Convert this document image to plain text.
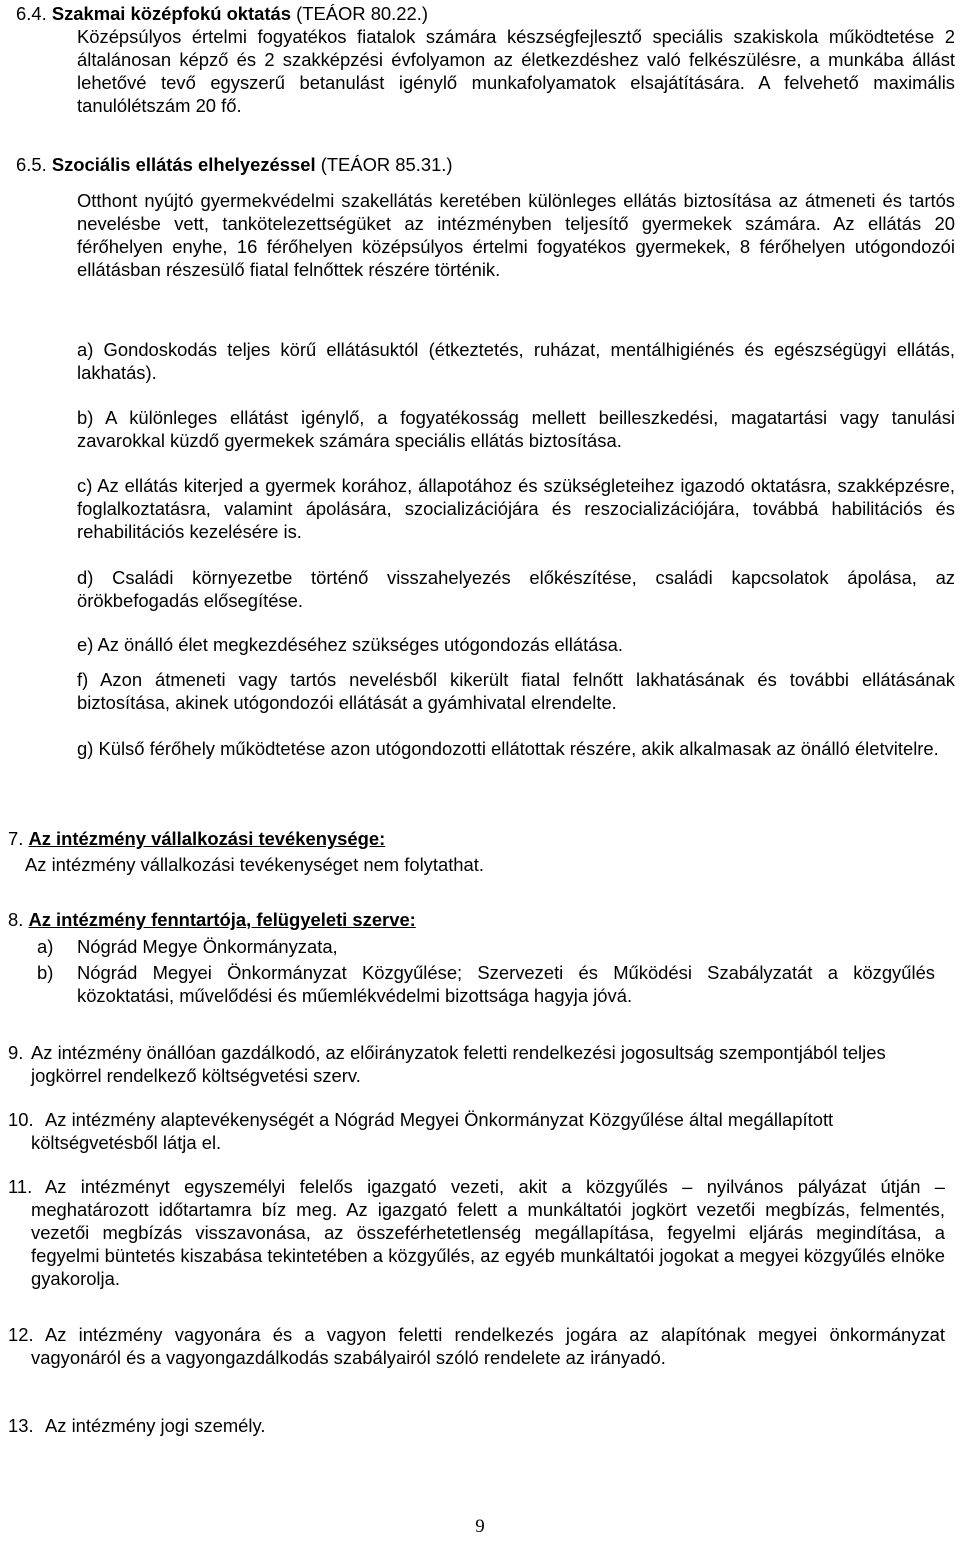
6.4. Szakmai középfokú oktatás (TEÁOR 80.22.)

Középsúlyos értelmi fogyatékos fiatalok számára készségfejlesztő speciális szakiskola működtetése 2 általánosan képző és 2 szakképzési évfolyamon az életkezdéshez való felkészülésre, a munkába állást lehetővé tevő egyszerű betanulást igénylő munkafolyamatok elsajátítására. A felvehető maximális tanulólétszám 20 fő.

6.5. Szociális ellátás elhelyezéssel (TEÁOR 85.31.)

Otthont nyújtó gyermekvédelmi szakellátás keretében különleges ellátás biztosítása az átmeneti és tartós nevelésbe vett, tankötelezettségüket az intézményben teljesítő gyermekek számára. Az ellátás 20 férőhelyen enyhe, 16 férőhelyen középsúlyos értelmi fogyatékos gyermekek, 8 férőhelyen utógondozói ellátásban részesülő fiatal felnőttek részére történik.

a) Gondoskodás teljes körű ellátásuktól (étkeztetés, ruházat, mentálhigiénés és egészségügyi ellátás, lakhatás).

b) A különleges ellátást igénylő, a fogyatékosság mellett beilleszkedési, magatartási vagy tanulási zavarokkal küzdő gyermekek számára speciális ellátás biztosítása.

c) Az ellátás kiterjed a gyermek korához, állapotához és szükségleteihez igazodó oktatásra, szakképzésre, foglalkoztatásra, valamint ápolására, szocializációjára és reszocializációjára, továbbá habilitációs és rehabilitációs kezelésére is.

d) Családi környezetbe történő visszahelyezés előkészítése, családi kapcsolatok ápolása, az örökbefogadás elősegítése.

e) Az önálló élet megkezdéséhez szükséges utógondozás ellátása.

f) Azon átmeneti vagy tartós nevelésből kikerült fiatal felnőtt lakhatásának és további ellátásának biztosítása, akinek utógondozói ellátását a gyámhivatal elrendelte.

g) Külső férőhely működtetése azon utógondozotti ellátottak részére, akik alkalmasak az önálló életvitelre.

7. Az intézmény vállalkozási tevékenysége:

Az intézmény vállalkozási tevékenységet nem folytathat.

8. Az intézmény fenntartója, felügyeleti szerve:
a) Nógrád Megye Önkormányzata,

b) Nógrád Megyei Önkormányzat Közgyűlése; Szervezeti és Működési Szabályzatát a közgyűlés közoktatási, művelődési és műemlékvédelmi bizottsága hagyja jóvá.

9. Az intézmény önállóan gazdálkodó, az előirányzatok feletti rendelkezési jogosultság szempontjából teljes jogkörrel rendelkező költségvetési szerv.

10. Az intézmény alaptevékenységét a Nógrád Megyei Önkormányzat Közgyűlése által megállapított költségvetésből látja el.

11. Az intézményt egyszemélyi felelős igazgató vezeti, akit a közgyűlés – nyilvános pályázat útján – meghatározott időtartamra bíz meg. Az igazgató felett a munkáltatói jogkört vezetői megbízás, felmentés, vezetői megbízás visszavonása, az összeférhetetlenség megállapítása, fegyelmi eljárás megindítása, a fegyelmi büntetés kiszabása tekintetében a közgyűlés, az egyéb munkáltatói jogokat a megyei közgyűlés elnöke gyakorolja.

12. Az intézmény vagyonára és a vagyon feletti rendelkezés jogára az alapítónak megyei önkormányzat vagyonáról és a vagyongazdálkodás szabályairól szóló rendelete az irányadó.

13. Az intézmény jogi személy.

9
